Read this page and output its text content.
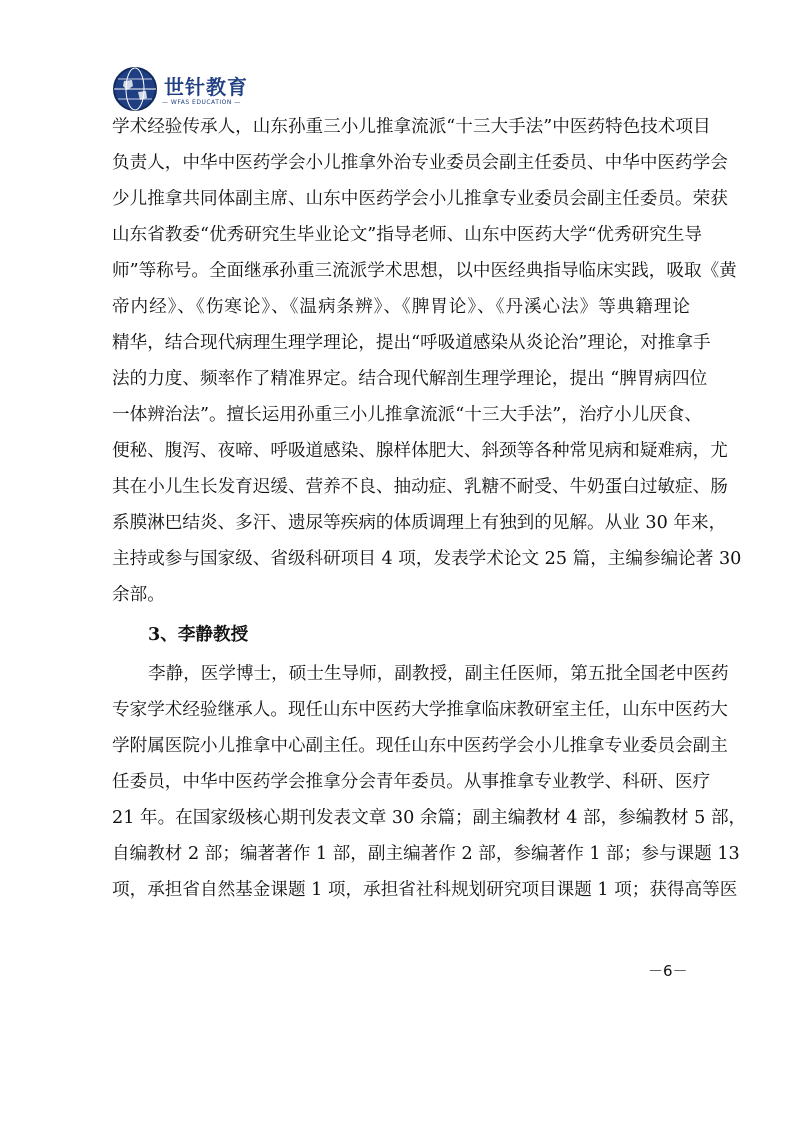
世针教育
— WFAS EDUCATION —
学术经验传承人，山东孙重三小儿推拿流派“十三大手法”中医药特色技术项目
负责人，中华中医药学会小儿推拿外治专业委员会副主任委员、中华中医药学会
少儿推拿共同体副主席、山东中医药学会小儿推拿专业委员会副主任委员。荣获
山东省教委“优秀研究生毕业论文”指导老师、山东中医药大学“优秀研究生导
师”等称号。全面继承孙重三流派学术思想，以中医经典指导临床实践，吸取《黄
帝内经》、《伤寒论》、《温病条辨》、《脾胃论》、《丹溪心法》等典籍理论
精华，结合现代病理生理学理论，提出“呼吸道感染从炎论治”理论，对推拿手
法的力度、频率作了精准界定。结合现代解剖生理学理论，提出 “脾胃病四位
一体辨治法”。擅长运用孙重三小儿推拿流派“十三大手法”，治疗小儿厌食、
便秘、腹泻、夜啼、呼吸道感染、腺样体肥大、斜颈等各种常见病和疑难病，尤
其在小儿生长发育迟缓、营养不良、抽动症、乳糖不耐受、牛奶蛋白过敏症、肠
系膜淋巴结炎、多汗、遗尿等疾病的体质调理上有独到的见解。从业 30 年来，
主持或参与国家级、省级科研项目 4 项，发表学术论文 25 篇，主编参编论著 30
余部。
3、李静教授
李静，医学博士，硕士生导师，副教授，副主任医师，第五批全国老中医药
专家学术经验继承人。现任山东中医药大学推拿临床教研室主任，山东中医药大
学附属医院小儿推拿中心副主任。现任山东中医药学会小儿推拿专业委员会副主
任委员，中华中医药学会推拿分会青年委员。从事推拿专业教学、科研、医疗
21 年。在国家级核心期刊发表文章 30 余篇；副主编教材 4 部，参编教材 5 部，
自编教材 2 部；编著著作 1 部，副主编著作 2 部，参编著作 1 部；参与课题 13
项，承担省自然基金课题 1 项，承担省社科规划研究项目课题 1 项；获得高等医
－6－
